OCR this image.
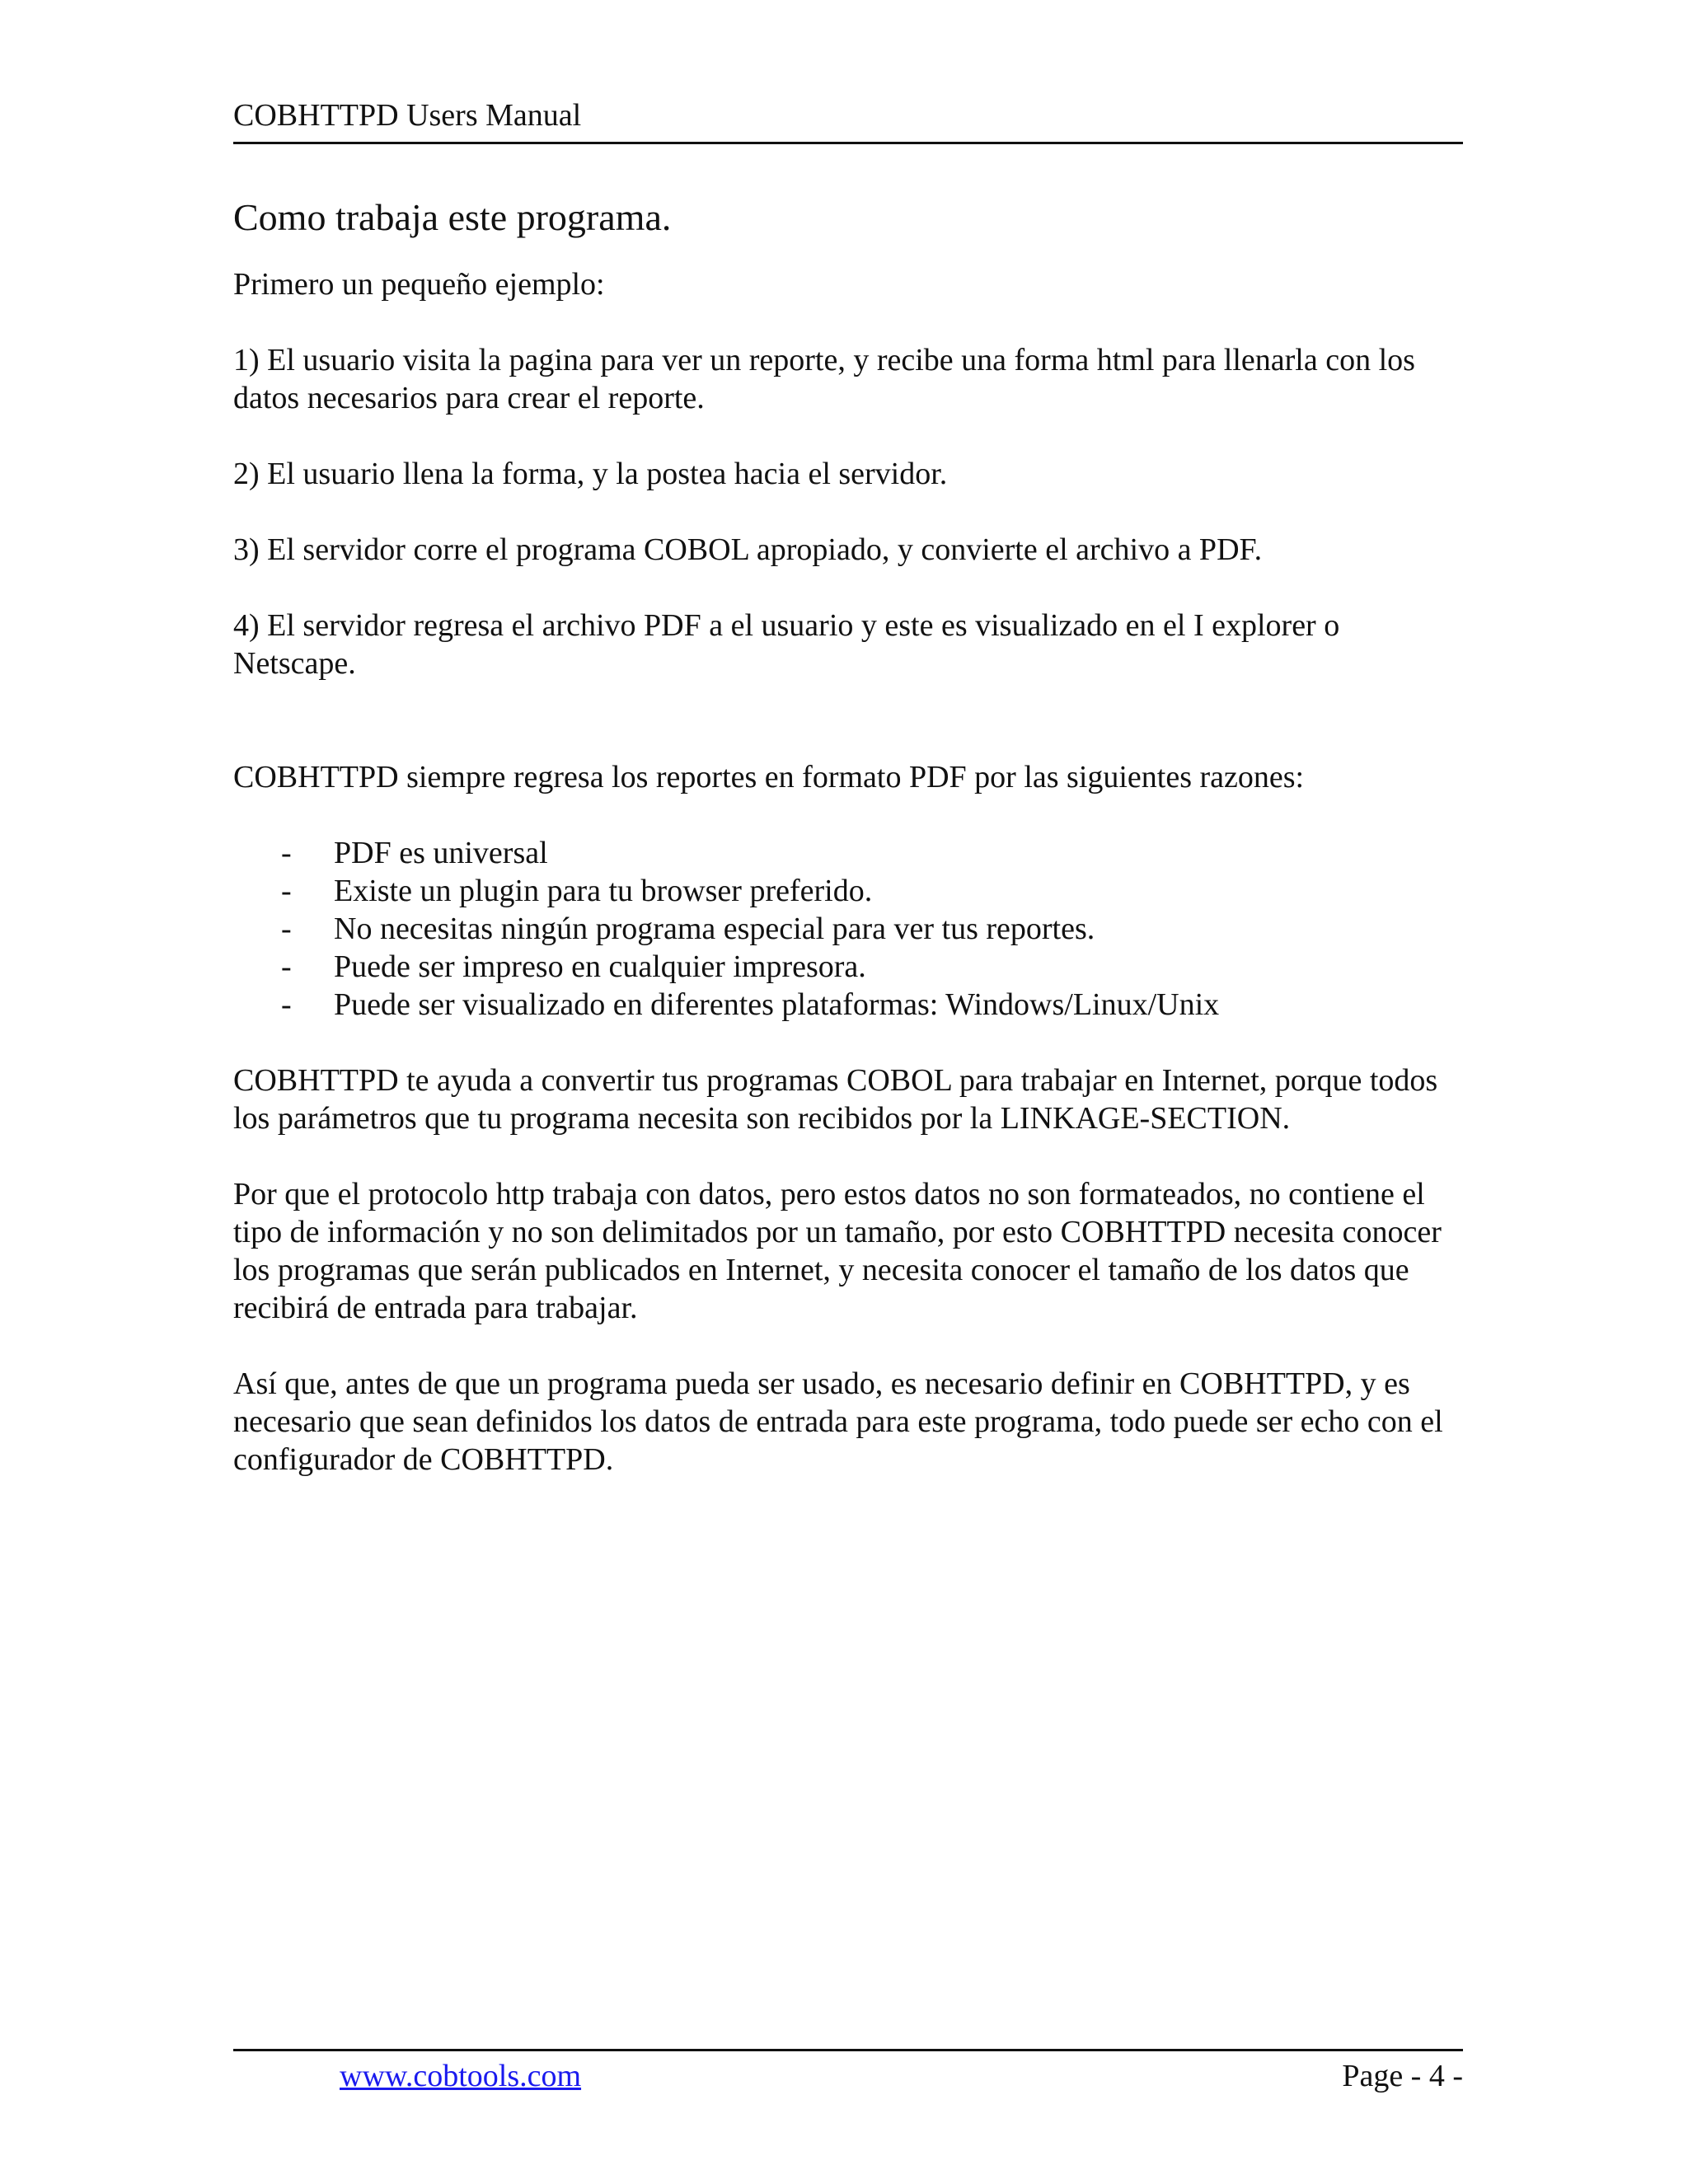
COBHTTPD Users Manual
Como trabaja este programa.

Primero un pequeño ejemplo:

1) El usuario visita la pagina para ver un reporte, y recibe una forma html para llenarla con los datos necesarios para crear el reporte.

2) El usuario llena la forma, y la postea hacia el servidor.

3) El servidor corre el programa COBOL apropiado, y convierte el archivo a PDF.

4) El servidor regresa el archivo PDF a el usuario y este es visualizado en el I explorer o Netscape.

COBHTTPD siempre regresa los reportes en formato PDF por las siguientes razones:

- PDF es universal
- Existe un plugin para tu browser preferido.
- No necesitas ningún programa especial para ver tus reportes.
- Puede ser impreso en cualquier impresora.
- Puede ser visualizado en diferentes plataformas: Windows/Linux/Unix

COBHTTPD te ayuda a convertir tus programas COBOL para trabajar en Internet, porque todos los parámetros que tu programa necesita son recibidos por la LINKAGE-SECTION.

Por que el protocolo http trabaja con datos, pero estos datos no son formateados, no contiene el tipo de información y no son delimitados por un tamaño, por esto COBHTTPD necesita conocer los programas que serán publicados en Internet, y necesita conocer el tamaño de los datos que recibirá de entrada para trabajar.

Así que, antes de que un programa pueda ser usado, es necesario definir en COBHTTPD, y es necesario que sean definidos los datos de entrada para este programa, todo puede ser echo con el configurador de COBHTTPD.

www.cobtools.com	Page - 4 -
